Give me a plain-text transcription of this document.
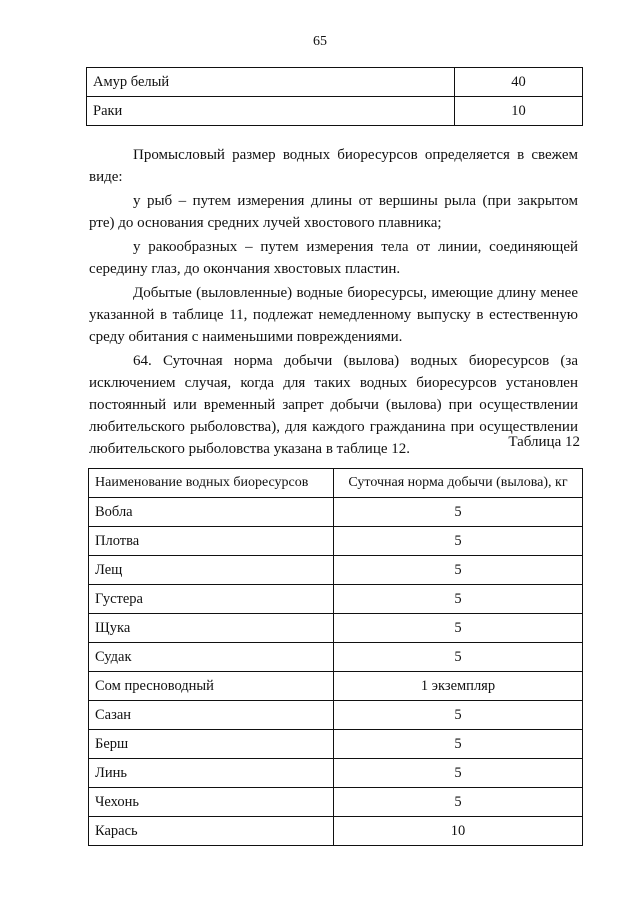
65
Амур белый	40
Раки	10

Промысловый размер водных биоресурсов определяется в свежем виде:

у рыб – путем измерения длины от вершины рыла (при закрытом рте) до основания средних лучей хвостового плавника;

у ракообразных – путем измерения тела от линии, соединяющей середину глаз, до окончания хвостовых пластин.

Добытые (выловленные) водные биоресурсы, имеющие длину менее указанной в таблице 11, подлежат немедленному выпуску в естественную среду обитания с наименьшими повреждениями.

64. Суточная норма добычи (вылова) водных биоресурсов (за исключением случая, когда для таких водных биоресурсов установлен постоянный или временный запрет добычи (вылова) при осуществлении любительского рыболовства), для каждого гражданина при осуществлении любительского рыболовства указана в таблице 12.	Таблица 12
Наименование водных биоресурсов	Суточная норма добычи (вылова), кг
Вобла	5
Плотва	5
Лещ	5
Густера	5
Щука	5
Судак	5
Сом пресноводный	1 экземпляр
Сазан	5
Берш	5
Линь	5
Чехонь	5
Карась	10
